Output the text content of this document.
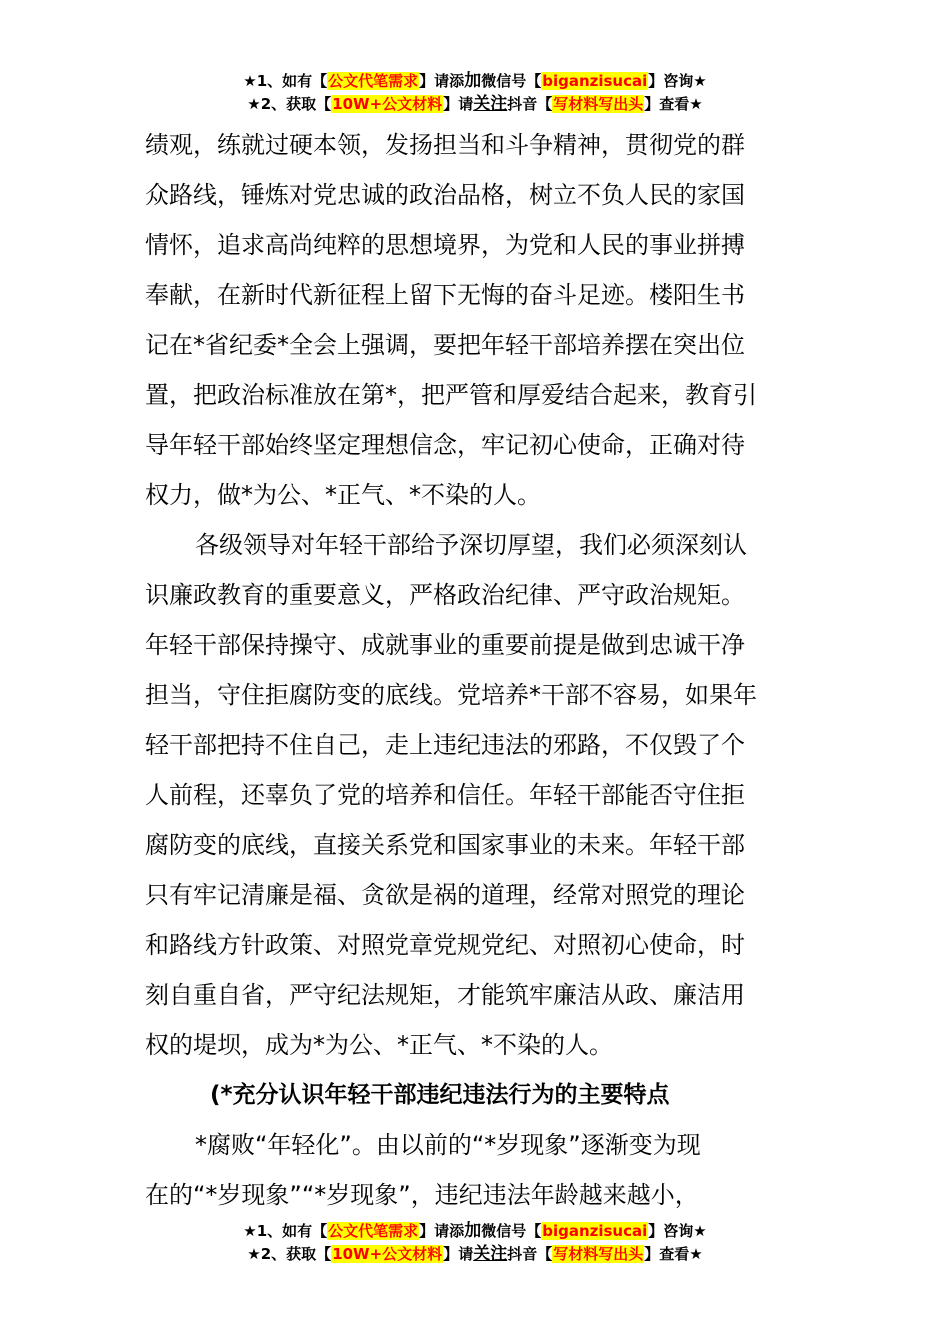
★1、如有【公文代笔需求】请添加微信号【biganzisucai】咨询★
★2、获取【10W+公文材料】请关注抖音【写材料写出头】查看★
绩观，练就过硬本领，发扬担当和斗争精神，贯彻党的群
众路线，锤炼对党忠诚的政治品格，树立不负人民的家国
情怀，追求高尚纯粹的思想境界，为党和人民的事业拼搏
奉献，在新时代新征程上留下无悔的奋斗足迹。楼阳生书
记在*省纪委*全会上强调，要把年轻干部培养摆在突出位
置，把政治标准放在第*，把严管和厚爱结合起来，教育引
导年轻干部始终坚定理想信念，牢记初心使命，正确对待
权力，做*为公、*正气、*不染的人。
各级领导对年轻干部给予深切厚望，我们必须深刻认
识廉政教育的重要意义，严格政治纪律、严守政治规矩。
年轻干部保持操守、成就事业的重要前提是做到忠诚干净
担当，守住拒腐防变的底线。党培养*干部不容易，如果年
轻干部把持不住自己，走上违纪违法的邪路，不仅毁了个
人前程，还辜负了党的培养和信任。年轻干部能否守住拒
腐防变的底线，直接关系党和国家事业的未来。年轻干部
只有牢记清廉是福、贪欲是祸的道理，经常对照党的理论
和路线方针政策、对照党章党规党纪、对照初心使命，时
刻自重自省，严守纪法规矩，才能筑牢廉洁从政、廉洁用
权的堤坝，成为*为公、*正气、*不染的人。
(*充分认识年轻干部违纪违法行为的主要特点
*腐败“年轻化”。由以前的“*岁现象”逐渐变为现
在的“*岁现象”“*岁现象”，违纪违法年龄越来越小，
★1、如有【公文代笔需求】请添加微信号【biganzisucai】咨询★
★2、获取【10W+公文材料】请关注抖音【写材料写出头】查看★
